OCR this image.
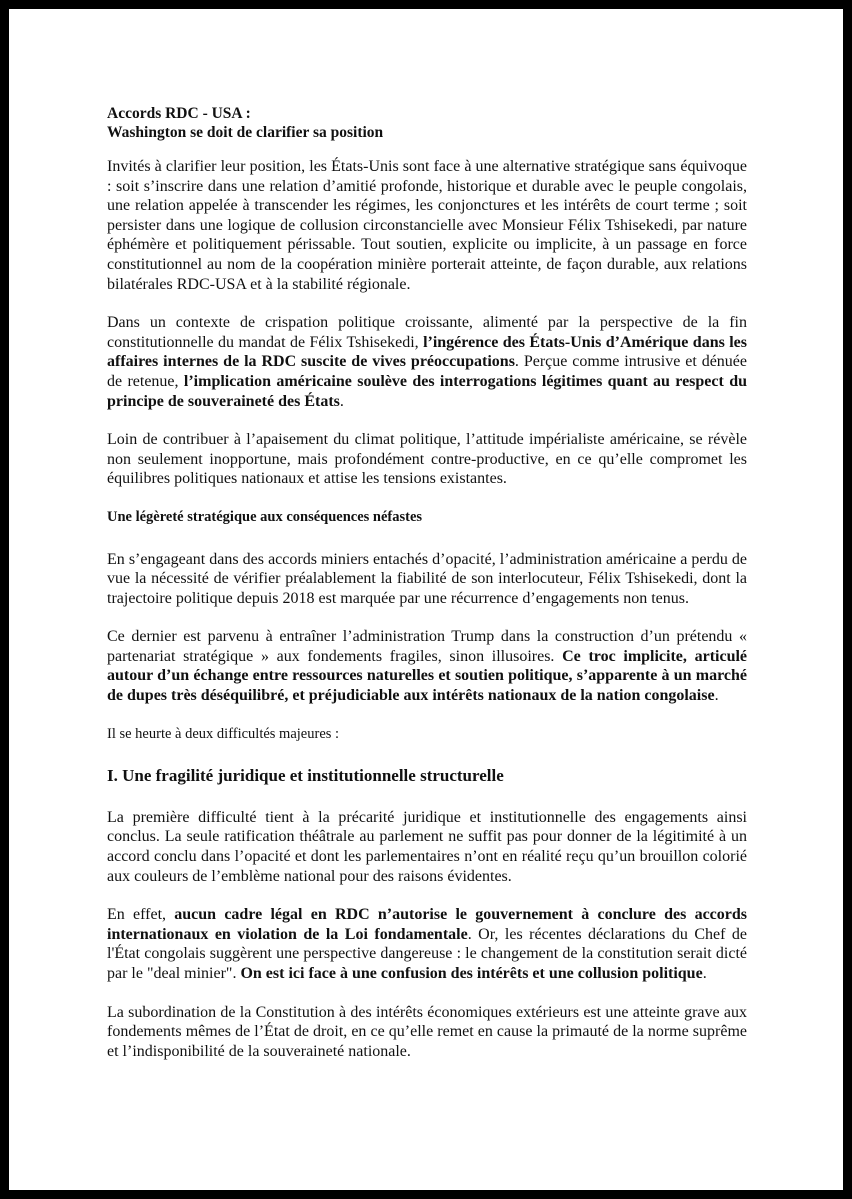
Accords RDC - USA :
Washington se doit de clarifier sa position

Invités à clarifier leur position, les États-Unis sont face à une alternative stratégique sans équivoque : soit s’inscrire dans une relation d’amitié profonde, historique et durable avec le peuple congolais, une relation appelée à transcender les régimes, les conjonctures et les intérêts de court terme ; soit persister dans une logique de collusion circonstancielle avec Monsieur Félix Tshisekedi, par nature éphémère et politiquement périssable. Tout soutien, explicite ou implicite, à un passage en force constitutionnel au nom de la coopération minière porterait atteinte, de façon durable, aux relations bilatérales RDC-USA et à la stabilité régionale.

Dans un contexte de crispation politique croissante, alimenté par la perspective de la fin constitutionnelle du mandat de Félix Tshisekedi, l’ingérence des États-Unis d’Amérique dans les affaires internes de la RDC suscite de vives préoccupations. Perçue comme intrusive et dénuée de retenue, l’implication américaine soulève des interrogations légitimes quant au respect du principe de souveraineté des États.

Loin de contribuer à l’apaisement du climat politique, l’attitude impérialiste américaine, se révèle non seulement inopportune, mais profondément contre-productive, en ce qu’elle compromet les équilibres politiques nationaux et attise les tensions existantes.

Une légèreté stratégique aux conséquences néfastes

En s’engageant dans des accords miniers entachés d’opacité, l’administration américaine a perdu de vue la nécessité de vérifier préalablement la fiabilité de son interlocuteur, Félix Tshisekedi, dont la trajectoire politique depuis 2018 est marquée par une récurrence d’engagements non tenus.

Ce dernier est parvenu à entraîner l’administration Trump dans la construction d’un prétendu « partenariat stratégique » aux fondements fragiles, sinon illusoires. Ce troc implicite, articulé autour d’un échange entre ressources naturelles et soutien politique, s’apparente à un marché de dupes très déséquilibré, et préjudiciable aux intérêts nationaux de la nation congolaise.

Il se heurte à deux difficultés majeures :
I. Une fragilité juridique et institutionnelle structurelle

La première difficulté tient à la précarité juridique et institutionnelle des engagements ainsi conclus. La seule ratification théâtrale au parlement ne suffit pas pour donner de la légitimité à un accord conclu dans l’opacité et dont les parlementaires n’ont en réalité reçu qu’un brouillon colorié aux couleurs de l’emblème national pour des raisons évidentes.

En effet, aucun cadre légal en RDC n’autorise le gouvernement à conclure des accords internationaux en violation de la Loi fondamentale. Or, les récentes déclarations du Chef de l'État congolais suggèrent une perspective dangereuse : le changement de la constitution serait dicté par le "deal minier". On est ici face à une confusion des intérêts et une collusion politique.

La subordination de la Constitution à des intérêts économiques extérieurs est une atteinte grave aux fondements mêmes de l’État de droit, en ce qu’elle remet en cause la primauté de la norme suprême et l’indisponibilité de la souveraineté nationale.
